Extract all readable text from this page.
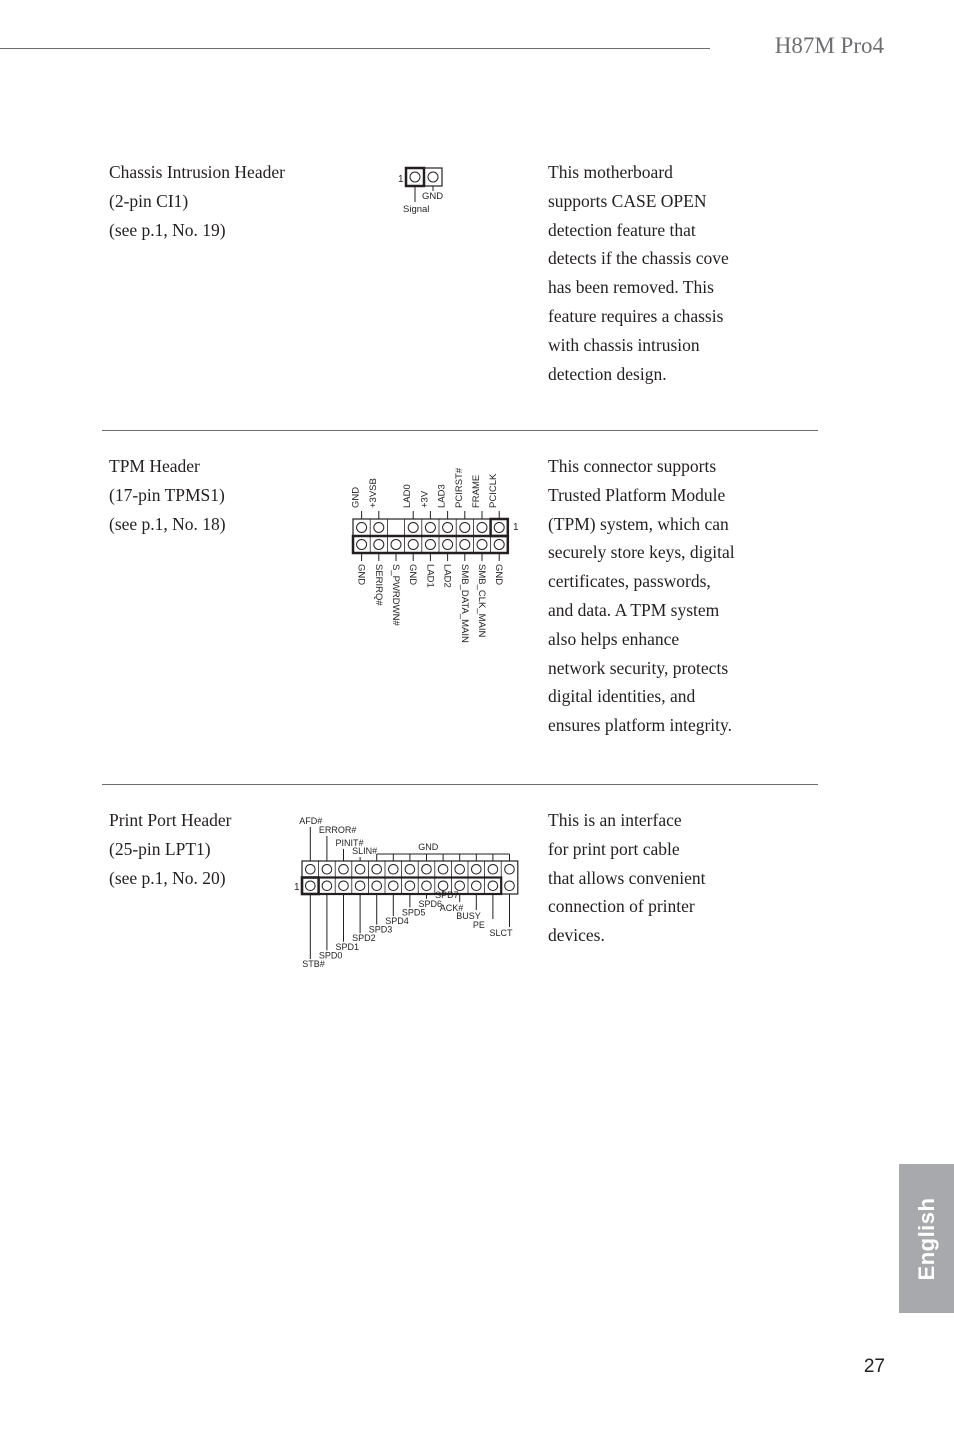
H87M Pro4
Chassis Intrusion Header
(2-pin CI1)
(see p.1, No. 19)
1
GND
Signal
This motherboard
supports CASE OPEN
detection feature that
detects if the chassis cove
has been removed. This
feature requires a chassis
with chassis intrusion
detection design.
TPM Header
(17-pin TPMS1)
(see p.1, No. 18)
GND +3VSB LAD0 +3V LAD3 PCIRST# FRAME PCICLK
GND SERIRQ# S_PWRDWN# GND LAD1 LAD2 SMB_DATA_MAIN SMB_CLK_MAIN GND
1
This connector supports
Trusted Platform Module
(TPM) system, which can
securely store keys, digital
certificates, passwords,
and data. A TPM system
also helps enhance
network security, protects
digital identities, and
ensures platform integrity.
Print Port Header
(25-pin LPT1)
(see p.1, No. 20)
AFD#
ERROR#
PINIT#
SLIN#	GND
STB#
SPD0
SPD1
SPD2
SPD3
SPD4
SPD5
SPD6
SPD7
ACK#
BUSY
PE
SLCT
1
This is an interface
for print port cable
that allows convenient
connection of printer
devices.
English
27
